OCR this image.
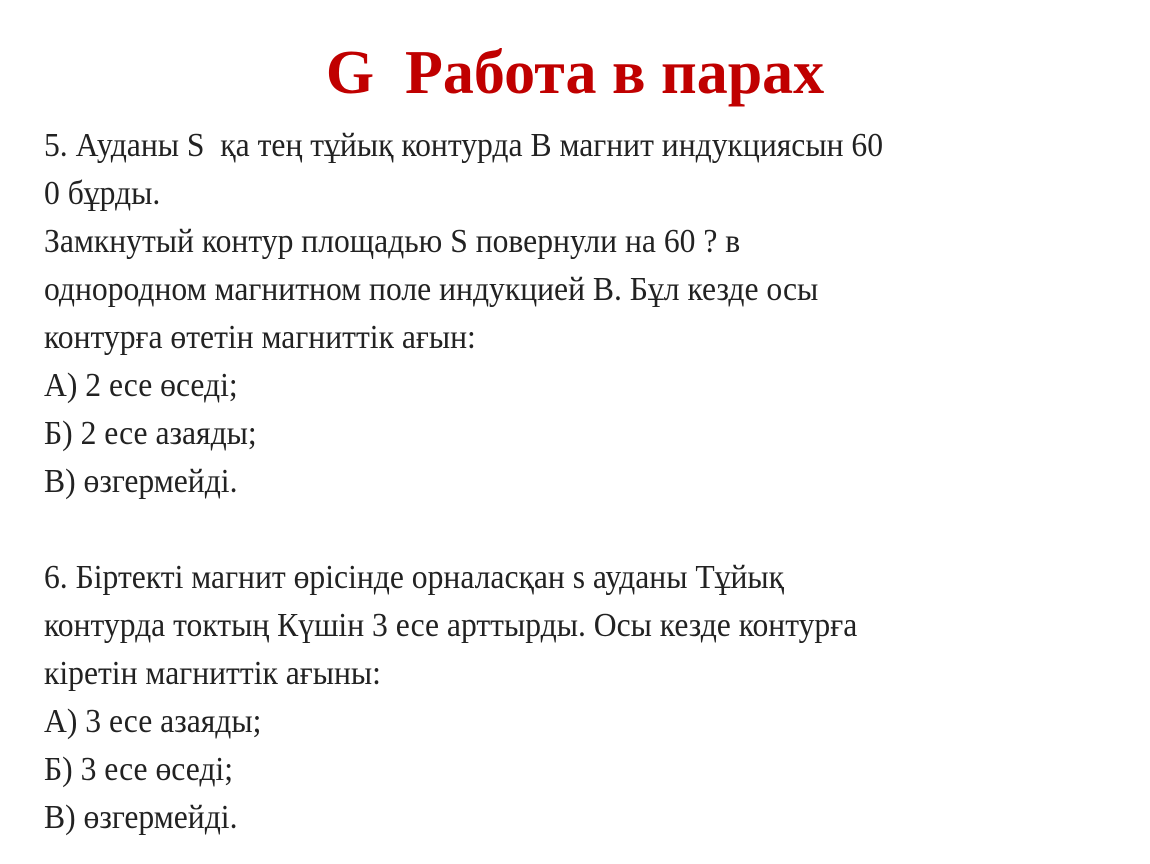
G  Работа в парах
5. Ауданы S  қа тең тұйық контурда В магнит индукциясын 60
0 бұрды.
Замкнутый контур площадью S повернули на 60 ? в
однородном магнитном поле индукцией В. Бұл кезде осы
контурға өтетін магниттік ағын:
А) 2 есе өседі;
Б) 2 есе азаяды;
В) өзгермейді.
6. Біртекті магнит өрісінде орналасқан s ауданы Тұйық
контурда токтың Күшін 3 есе арттырды. Осы кезде контурға
кіретін магниттік ағыны:
А) 3 есе азаяды;
Б) 3 есе өседі;
В) өзгермейді.
